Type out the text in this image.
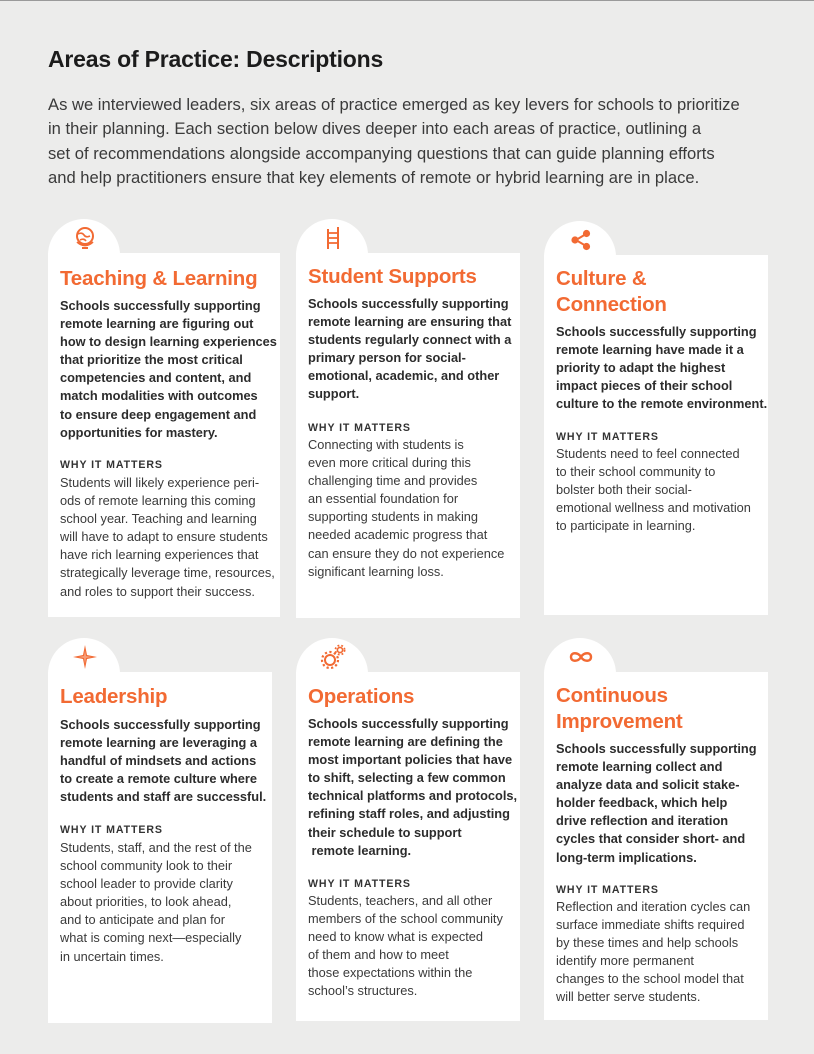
Areas of Practice: Descriptions

As we interviewed leaders, six areas of practice emerged as key levers for schools to prioritize
in their planning. Each section below dives deeper into each areas of practice, outlining a
set of recommendations alongside accompanying questions that can guide planning efforts
and help practitioners ensure that key elements of remote or hybrid learning are in place.

Teaching & Learning

Schools successfully supporting
remote learning are figuring out
how to design learning experiences
that prioritize the most critical
competencies and content, and
match modalities with outcomes
to ensure deep engagement and
opportunities for mastery.

WHY IT MATTERS

Students will likely experience peri-
ods of remote learning this coming
school year. Teaching and learning
will have to adapt to ensure students
have rich learning experiences that
strategically leverage time, resources,
and roles to support their success.

Student Supports

Schools successfully supporting
remote learning are ensuring that
students regularly connect with a
primary person for social-
emotional, academic, and other
support.

WHY IT MATTERS

Connecting with students is
even more critical during this
challenging time and provides
an essential foundation for
supporting students in making
needed academic progress that
can ensure they do not experience
significant learning loss.

Culture &
Connection

Schools successfully supporting
remote learning have made it a
priority to adapt the highest
impact pieces of their school
culture to the remote environment.

WHY IT MATTERS

Students need to feel connected
to their school community to
bolster both their social-
emotional wellness and motivation
to participate in learning.

Leadership

Schools successfully supporting
remote learning are leveraging a
handful of mindsets and actions
to create a remote culture where
students and staff are successful.

WHY IT MATTERS

Students, staff, and the rest of the
school community look to their
school leader to provide clarity
about priorities, to look ahead,
and to anticipate and plan for
what is coming next—especially
in uncertain times.

Operations

Schools successfully supporting
remote learning are defining the
most important policies that have
to shift, selecting a few common
technical platforms and protocols,
refining staff roles, and adjusting
their schedule to support
remote learning.

WHY IT MATTERS

Students, teachers, and all other
members of the school community
need to know what is expected
of them and how to meet
those expectations within the
school’s structures.

Continuous
Improvement

Schools successfully supporting
remote learning collect and
analyze data and solicit stake-
holder feedback, which help
drive reflection and iteration
cycles that consider short- and
long-term implications.

WHY IT MATTERS

Reflection and iteration cycles can
surface immediate shifts required
by these times and help schools
identify more permanent
changes to the school model that
will better serve students.
